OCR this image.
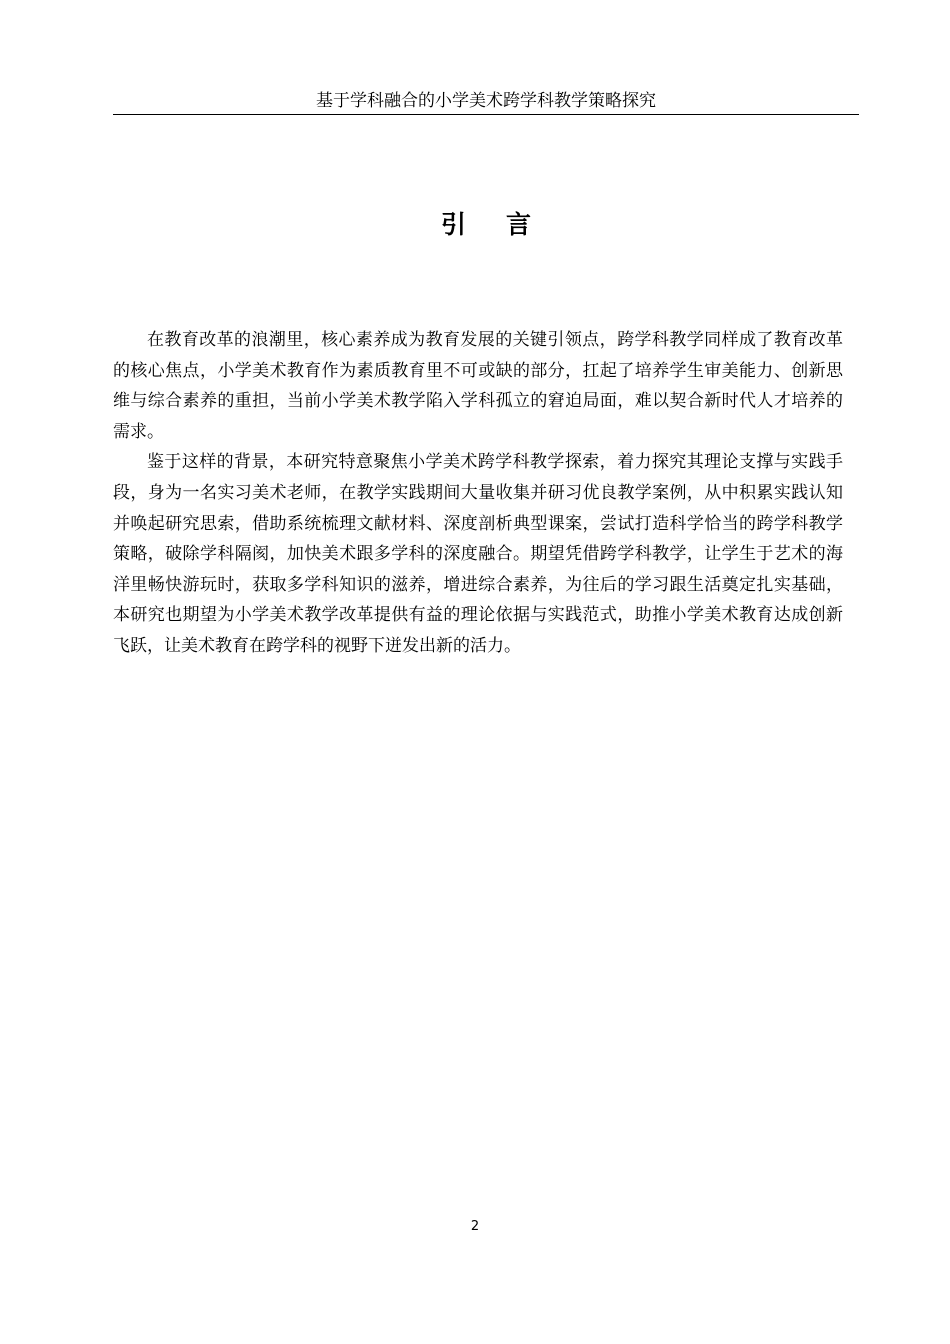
基于学科融合的小学美术跨学科教学策略探究
引言

在教育改革的浪潮里，核心素养成为教育发展的关键引领点，跨学科教学同样成了教育改革的核心焦点，小学美术教育作为素质教育里不可或缺的部分，扛起了培养学生审美能力、创新思维与综合素养的重担，当前小学美术教学陷入学科孤立的窘迫局面，难以契合新时代人才培养的需求。

鉴于这样的背景，本研究特意聚焦小学美术跨学科教学探索，着力探究其理论支撑与实践手段，身为一名实习美术老师，在教学实践期间大量收集并研习优良教学案例，从中积累实践认知并唤起研究思索，借助系统梳理文献材料、深度剖析典型课案，尝试打造科学恰当的跨学科教学策略，破除学科隔阂，加快美术跟多学科的深度融合。期望凭借跨学科教学，让学生于艺术的海洋里畅快游玩时，获取多学科知识的滋养，增进综合素养，为往后的学习跟生活奠定扎实基础，本研究也期望为小学美术教学改革提供有益的理论依据与实践范式，助推小学美术教育达成创新飞跃，让美术教育在跨学科的视野下迸发出新的活力。

2
